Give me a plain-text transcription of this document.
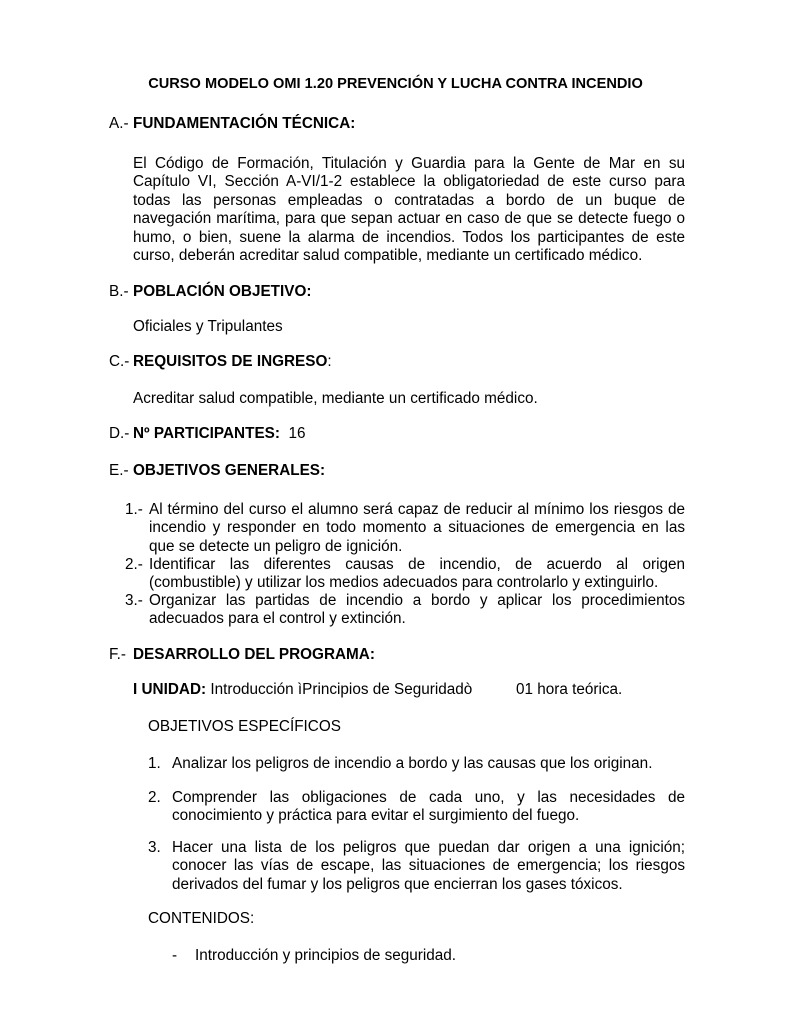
CURSO MODELO OMI 1.20 PREVENCIÓN Y LUCHA CONTRA INCENDIO
A.- FUNDAMENTACIÓN TÉCNICA:
El Código de Formación, Titulación y Guardia para la Gente de Mar en su Capítulo VI, Sección A-VI/1-2 establece la obligatoriedad de este curso para todas las personas empleadas o contratadas a bordo de un buque de navegación marítima, para que sepan actuar en caso de que se detecte fuego o humo, o bien, suene la alarma de incendios. Todos los participantes de este curso, deberán acreditar salud compatible, mediante un certificado médico.
B.- POBLACIÓN OBJETIVO:
Oficiales y Tripulantes
C.- REQUISITOS DE INGRESO:
Acreditar salud compatible, mediante un certificado médico.
D.- Nº PARTICIPANTES: 16
E.- OBJETIVOS GENERALES:
1.- Al término del curso el alumno será capaz de reducir al mínimo los riesgos de incendio y responder en todo momento a situaciones de emergencia en las que se detecte un peligro de ignición.
2.- Identificar las diferentes causas de incendio, de acuerdo al origen (combustible) y utilizar los medios adecuados para controlarlo y extinguirlo.
3.- Organizar las partidas de incendio a bordo y aplicar los procedimientos adecuados para el control y extinción.
F.- DESARROLLO DEL PROGRAMA:
I UNIDAD: Introducción ìPrincipios de Seguridadò	01 hora teórica.
OBJETIVOS ESPECÍFICOS
1. Analizar los peligros de incendio a bordo y las causas que los originan.
2. Comprender las obligaciones de cada uno, y las necesidades de conocimiento y práctica para evitar el surgimiento del fuego.
3. Hacer una lista de los peligros que puedan dar origen a una ignición; conocer las vías de escape, las situaciones de emergencia; los riesgos derivados del fumar y los peligros que encierran los gases tóxicos.
CONTENIDOS:
- Introducción y principios de seguridad.
